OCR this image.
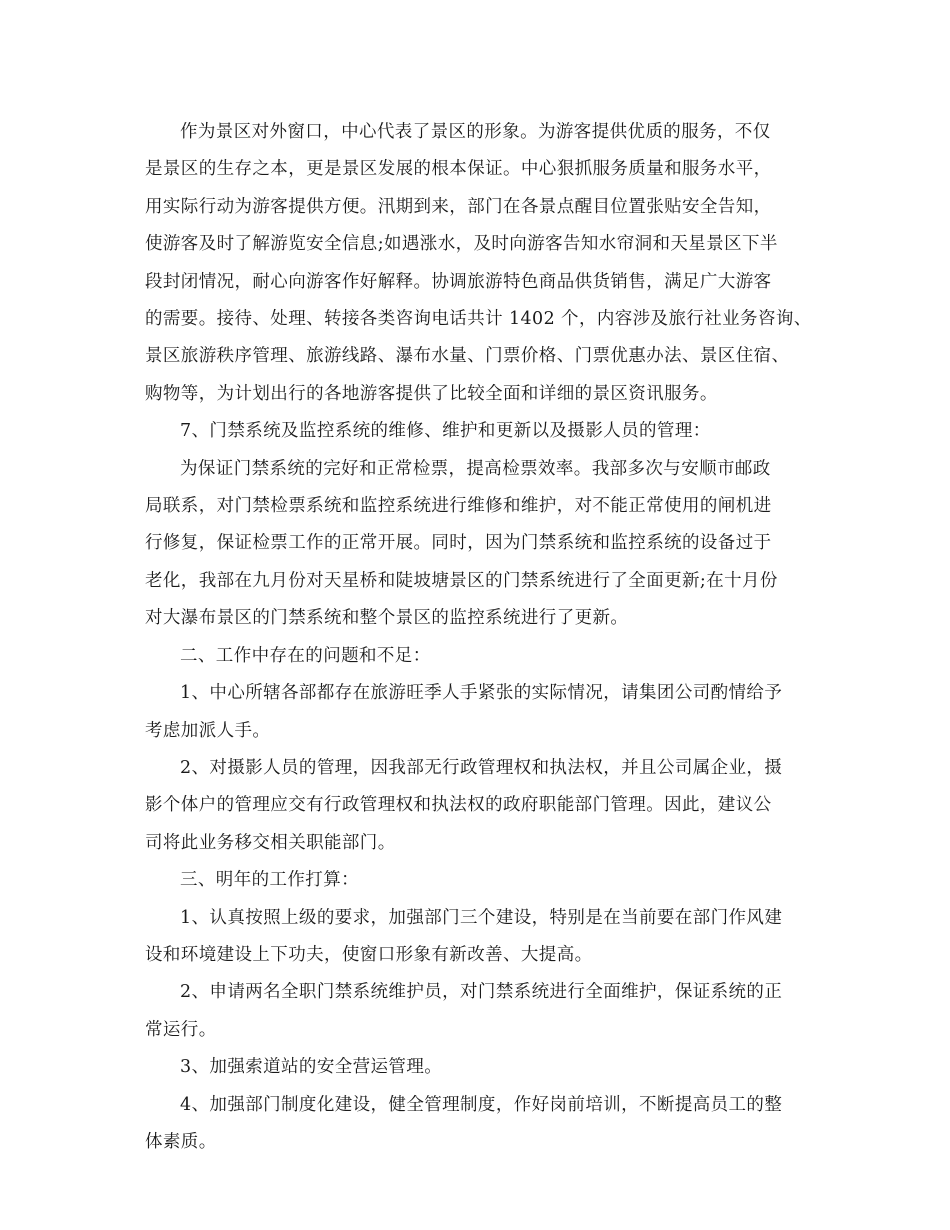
作为景区对外窗口，中心代表了景区的形象。为游客提供优质的服务，不仅
是景区的生存之本，更是景区发展的根本保证。中心狠抓服务质量和服务水平，
用实际行动为游客提供方便。汛期到来，部门在各景点醒目位置张贴安全告知，
使游客及时了解游览安全信息;如遇涨水，及时向游客告知水帘洞和天星景区下半
段封闭情况，耐心向游客作好解释。协调旅游特色商品供货销售，满足广大游客
的需要。接待、处理、转接各类咨询电话共计 1402 个，内容涉及旅行社业务咨询、
景区旅游秩序管理、旅游线路、瀑布水量、门票价格、门票优惠办法、景区住宿、
购物等，为计划出行的各地游客提供了比较全面和详细的景区资讯服务。
7、门禁系统及监控系统的维修、维护和更新以及摄影人员的管理：
为保证门禁系统的完好和正常检票，提高检票效率。我部多次与安顺市邮政
局联系，对门禁检票系统和监控系统进行维修和维护，对不能正常使用的闸机进
行修复，保证检票工作的正常开展。同时，因为门禁系统和监控系统的设备过于
老化，我部在九月份对天星桥和陡坡塘景区的门禁系统进行了全面更新;在十月份
对大瀑布景区的门禁系统和整个景区的监控系统进行了更新。
二、工作中存在的问题和不足：
1、中心所辖各部都存在旅游旺季人手紧张的实际情况，请集团公司酌情给予
考虑加派人手。
2、对摄影人员的管理，因我部无行政管理权和执法权，并且公司属企业，摄
影个体户的管理应交有行政管理权和执法权的政府职能部门管理。因此，建议公
司将此业务移交相关职能部门。
三、明年的工作打算：
1、认真按照上级的要求，加强部门三个建设，特别是在当前要在部门作风建
设和环境建设上下功夫，使窗口形象有新改善、大提高。
2、申请两名全职门禁系统维护员，对门禁系统进行全面维护，保证系统的正
常运行。
3、加强索道站的安全营运管理。
4、加强部门制度化建设，健全管理制度，作好岗前培训，不断提高员工的整
体素质。
